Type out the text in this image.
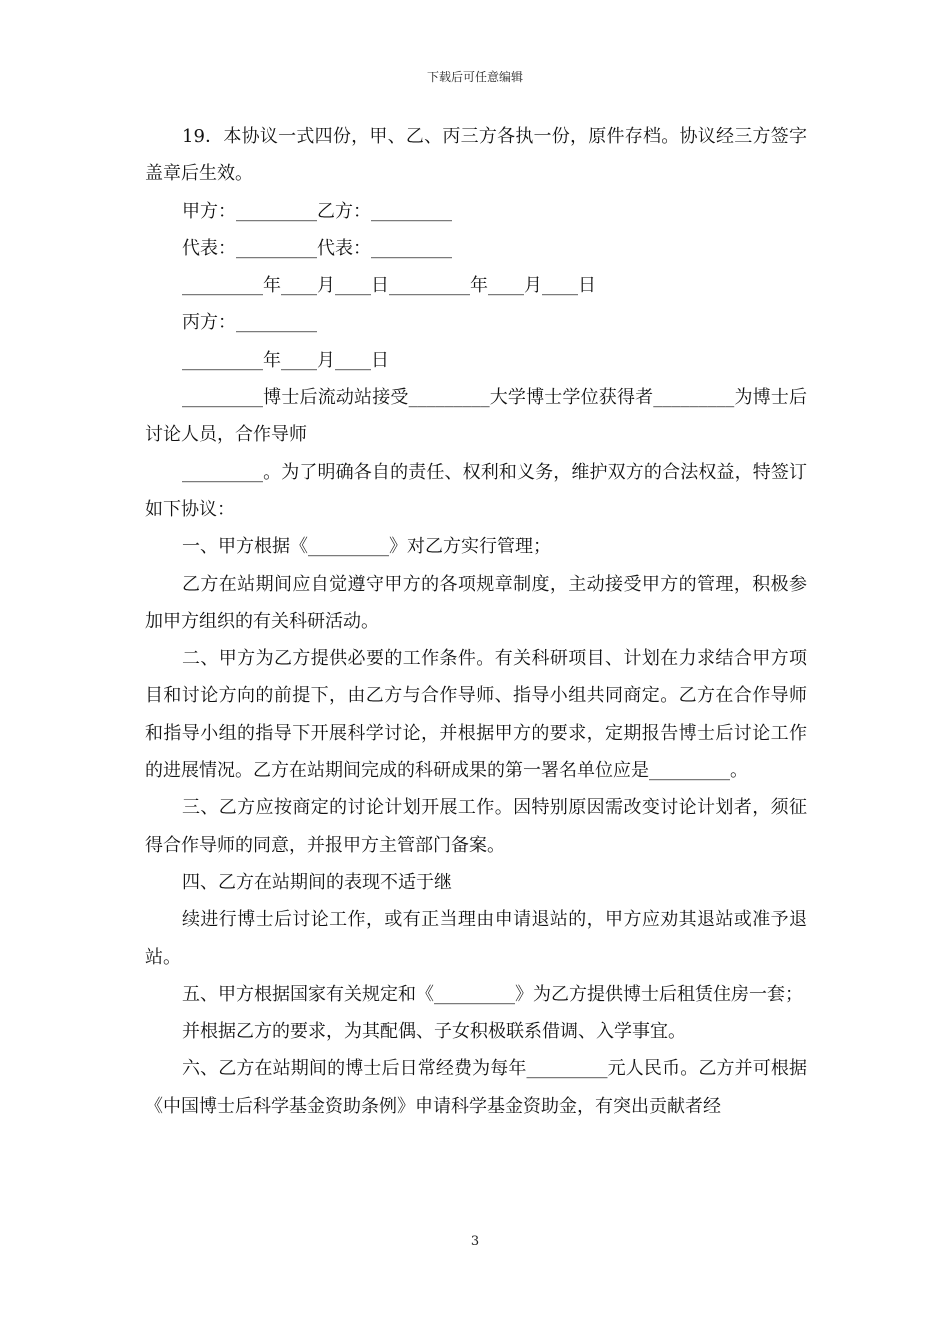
下载后可任意编辑

19．本协议一式四份，甲、乙、丙三方各执一份，原件存档。协议经三方签字盖章后生效。

甲方：_________乙方：_________

代表：_________代表：_________

_________年____月____日_________年____月____日

丙方：_________

_________年____月____日

_________博士后流动站接受_________大学博士学位获得者_________为博士后讨论人员，合作导师

_________。为了明确各自的责任、权利和义务，维护双方的合法权益，特签订如下协议：

一、甲方根据《_________》对乙方实行管理；

乙方在站期间应自觉遵守甲方的各项规章制度，主动接受甲方的管理，积极参加甲方组织的有关科研活动。

二、甲方为乙方提供必要的工作条件。有关科研项目、计划在力求结合甲方项目和讨论方向的前提下，由乙方与合作导师、指导小组共同商定。乙方在合作导师和指导小组的指导下开展科学讨论，并根据甲方的要求，定期报告博士后讨论工作的进展情况。乙方在站期间完成的科研成果的第一署名单位应是_________。

三、乙方应按商定的讨论计划开展工作。因特别原因需改变讨论计划者，须征得合作导师的同意，并报甲方主管部门备案。

四、乙方在站期间的表现不适于继

续进行博士后讨论工作，或有正当理由申请退站的，甲方应劝其退站或准予退站。

五、甲方根据国家有关规定和《_________》为乙方提供博士后租赁住房一套；

并根据乙方的要求，为其配偶、子女积极联系借调、入学事宜。

六、乙方在站期间的博士后日常经费为每年_________元人民币。乙方并可根据《中国博士后科学基金资助条例》申请科学基金资助金，有突出贡献者经

3
